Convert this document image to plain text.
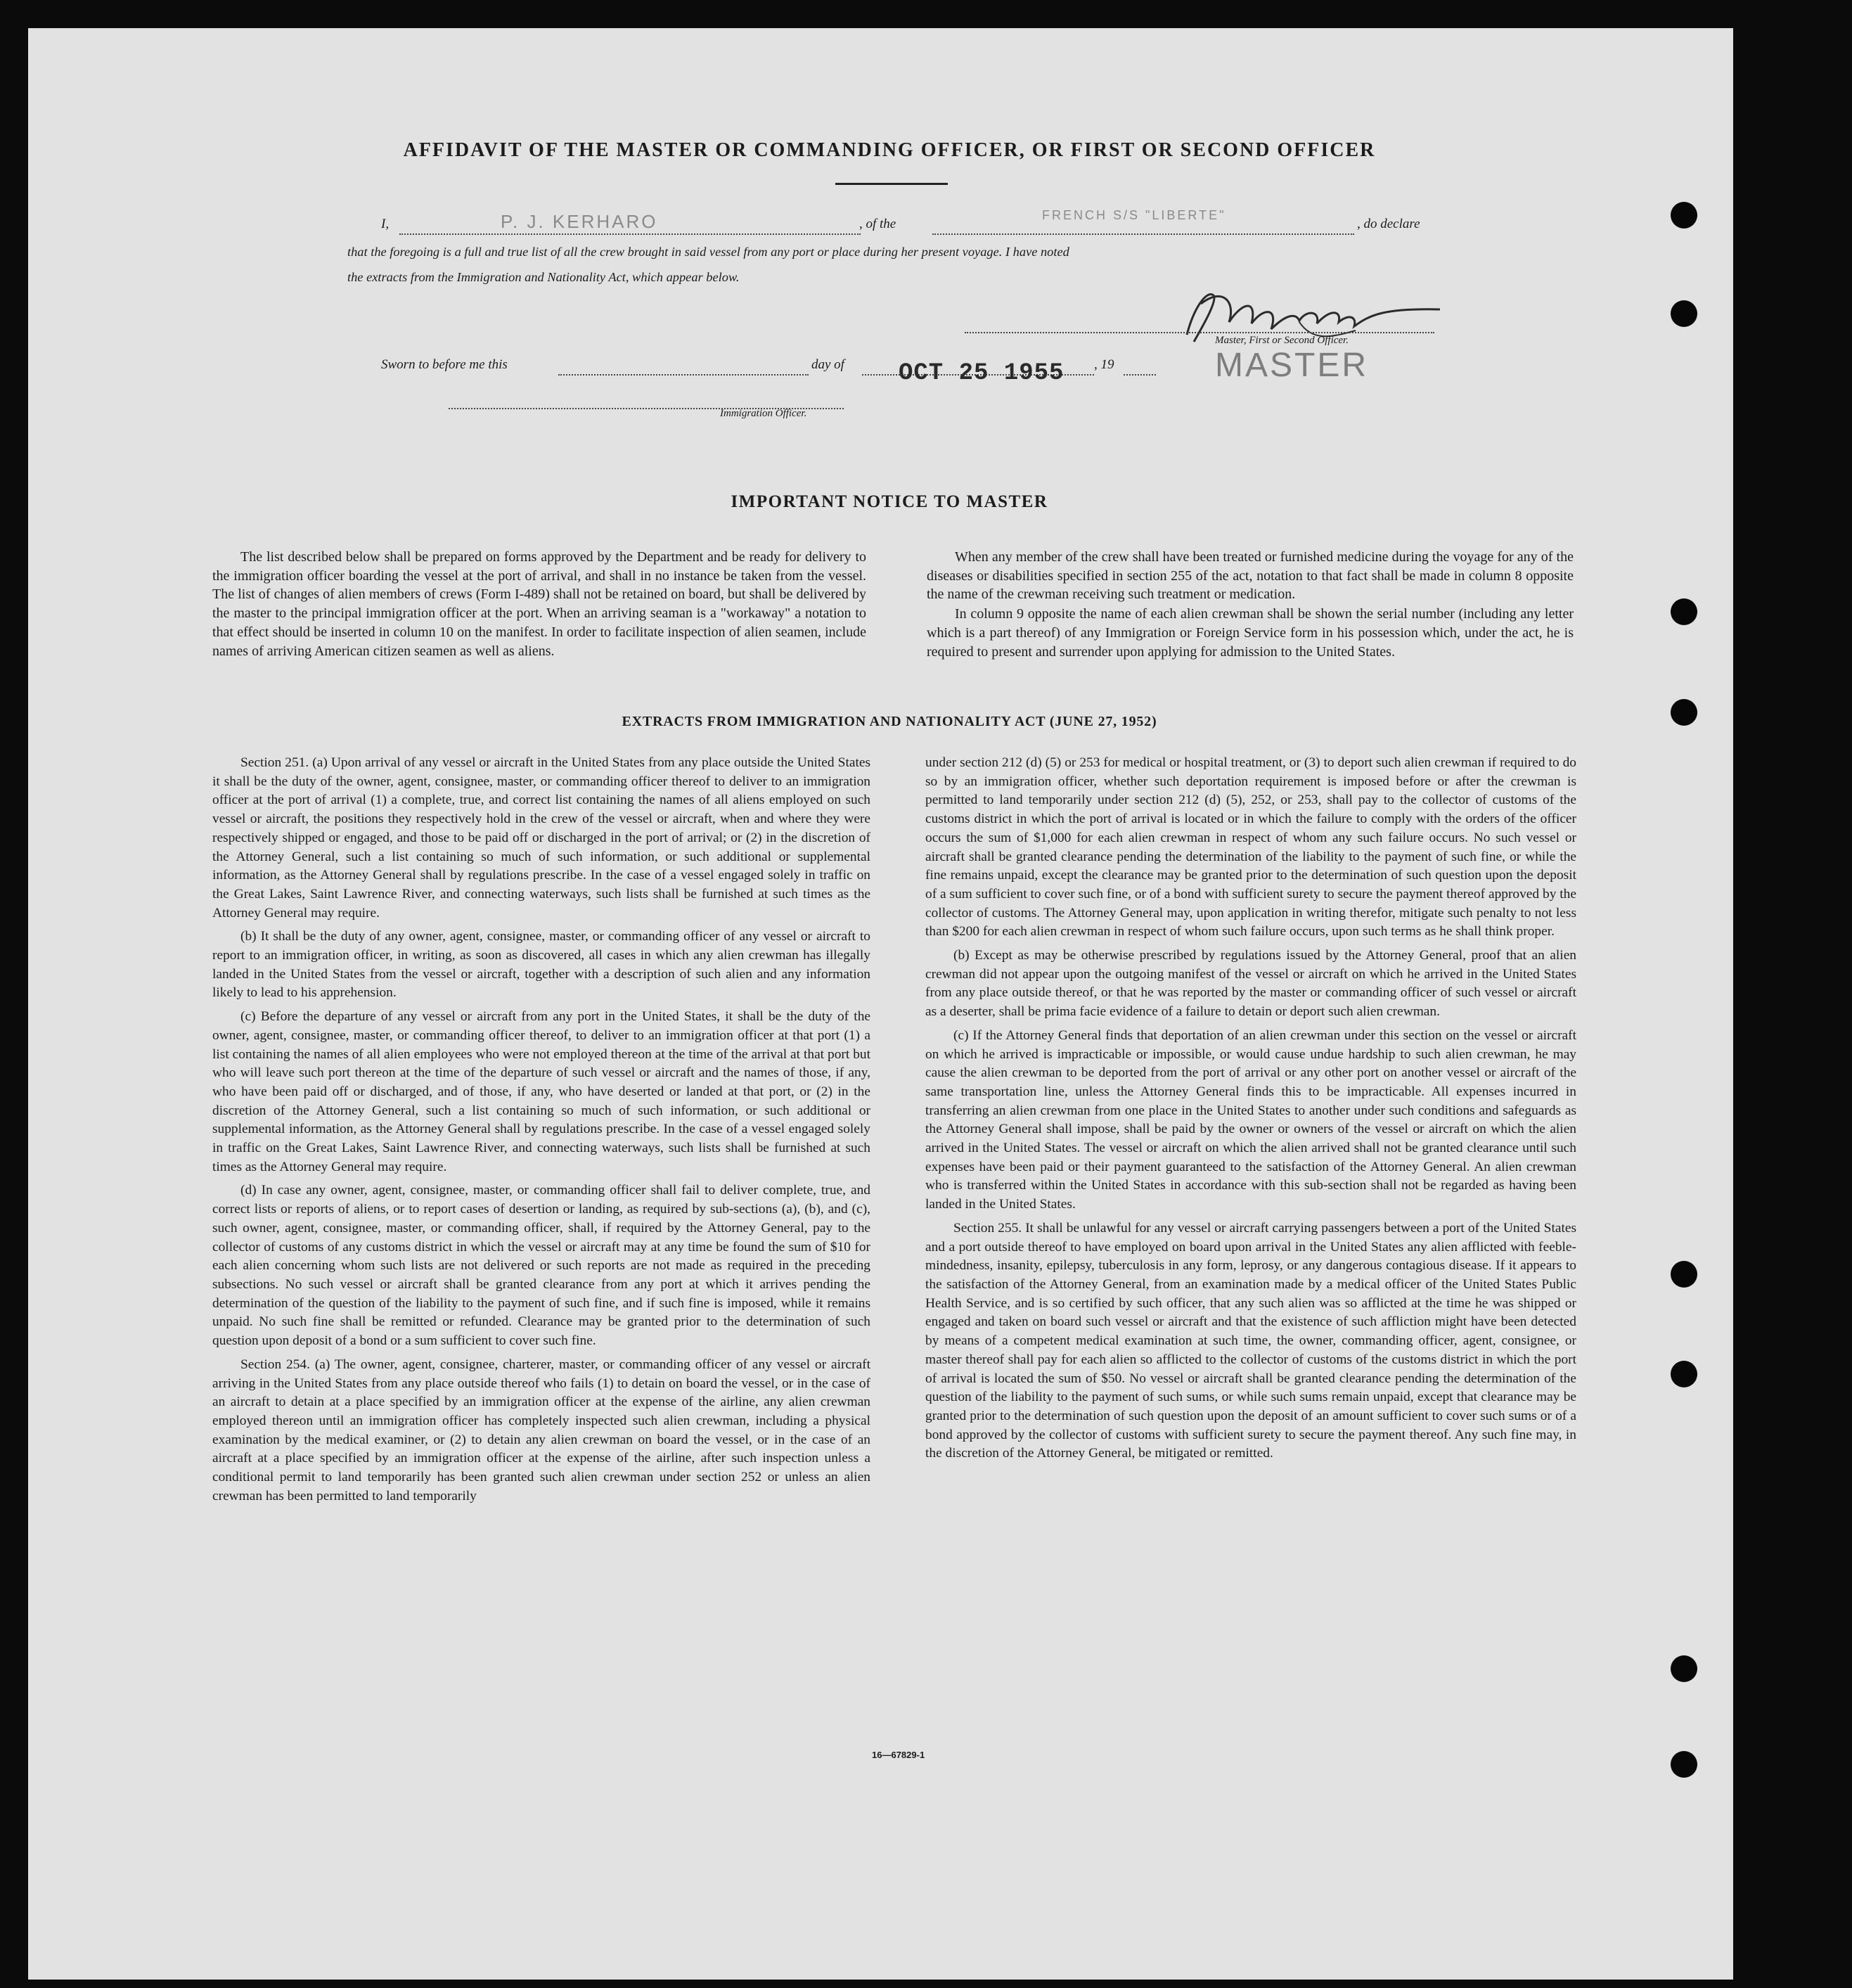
AFFIDAVIT OF THE MASTER OR COMMANDING OFFICER, OR FIRST OR SECOND OFFICER
I,	P. J. KERHARO	, of the
FRENCH S/S "LIBERTE"
, do declare
that the foregoing is a full and true list of all the crew brought in said vessel from any port or place during her present voyage. I have noted
the extracts from the Immigration and Nationality Act, which appear below.
Master, First or Second Officer.
MASTER
Sworn to before me this	day of OCT 25 1955 , 19
Immigration Officer.
IMPORTANT NOTICE TO MASTER

The list described below shall be prepared on forms approved by the Department and be ready for delivery to the immigration officer boarding the vessel at the port of arrival, and shall in no instance be taken from the vessel. The list of changes of alien members of crews (Form I-489) shall not be retained on board, but shall be delivered by the master to the principal immigration officer at the port. When an arriving seaman is a "workaway" a notation to that effect should be inserted in column 10 on the manifest. In order to facilitate inspection of alien seamen, include names of arriving American citizen seamen as well as aliens.

When any member of the crew shall have been treated or furnished medicine during the voyage for any of the diseases or disabilities specified in section 255 of the act, notation to that fact shall be made in column 8 opposite the name of the crewman receiving such treatment or medication.

In column 9 opposite the name of each alien crewman shall be shown the serial number (including any letter which is a part thereof) of any Immigration or Foreign Service form in his possession which, under the act, he is required to present and surrender upon applying for admission to the United States.

EXTRACTS FROM IMMIGRATION AND NATIONALITY ACT (JUNE 27, 1952)

Section 251. (a) Upon arrival of any vessel or aircraft in the United States from any place outside the United States it shall be the duty of the owner, agent, consignee, master, or commanding officer thereof to deliver to an immigration officer at the port of arrival (1) a complete, true, and correct list containing the names of all aliens employed on such vessel or aircraft, the positions they respectively hold in the crew of the vessel or aircraft, when and where they were respectively shipped or engaged, and those to be paid off or discharged in the port of arrival; or (2) in the discretion of the Attorney General, such a list containing so much of such information, or such additional or supplemental information, as the Attorney General shall by regulations prescribe. In the case of a vessel engaged solely in traffic on the Great Lakes, Saint Lawrence River, and connecting waterways, such lists shall be furnished at such times as the Attorney General may require.

(b) It shall be the duty of any owner, agent, consignee, master, or commanding officer of any vessel or aircraft to report to an immigration officer, in writing, as soon as discovered, all cases in which any alien crewman has illegally landed in the United States from the vessel or aircraft, together with a description of such alien and any information likely to lead to his apprehension.

(c) Before the departure of any vessel or aircraft from any port in the United States, it shall be the duty of the owner, agent, consignee, master, or commanding officer thereof, to deliver to an immigration officer at that port (1) a list containing the names of all alien employees who were not employed thereon at the time of the arrival at that port but who will leave such port thereon at the time of the departure of such vessel or aircraft and the names of those, if any, who have been paid off or discharged, and of those, if any, who have deserted or landed at that port, or (2) in the discretion of the Attorney General, such a list containing so much of such information, or such additional or supplemental information, as the Attorney General shall by regulations prescribe. In the case of a vessel engaged solely in traffic on the Great Lakes, Saint Lawrence River, and connecting waterways, such lists shall be furnished at such times as the Attorney General may require.

(d) In case any owner, agent, consignee, master, or commanding officer shall fail to deliver complete, true, and correct lists or reports of aliens, or to report cases of desertion or landing, as required by sub-sections (a), (b), and (c), such owner, agent, consignee, master, or commanding officer, shall, if required by the Attorney General, pay to the collector of customs of any customs district in which the vessel or aircraft may at any time be found the sum of $10 for each alien concerning whom such lists are not delivered or such reports are not made as required in the preceding subsections. No such vessel or aircraft shall be granted clearance from any port at which it arrives pending the determination of the question of the liability to the payment of such fine, and if such fine is imposed, while it remains unpaid. No such fine shall be remitted or refunded. Clearance may be granted prior to the determination of such question upon deposit of a bond or a sum sufficient to cover such fine.

Section 254. (a) The owner, agent, consignee, charterer, master, or commanding officer of any vessel or aircraft arriving in the United States from any place outside thereof who fails (1) to detain on board the vessel, or in the case of an aircraft to detain at a place specified by an immigration officer at the expense of the airline, any alien crewman employed thereon until an immigration officer has completely inspected such alien crewman, including a physical examination by the medical examiner, or (2) to detain any alien crewman on board the vessel, or in the case of an aircraft at a place specified by an immigration officer at the expense of the airline, after such inspection unless a conditional permit to land temporarily has been granted such alien crewman under section 252 or unless an alien crewman has been permitted to land temporarily

under section 212 (d) (5) or 253 for medical or hospital treatment, or (3) to deport such alien crewman if required to do so by an immigration officer, whether such deportation requirement is imposed before or after the crewman is permitted to land temporarily under section 212 (d) (5), 252, or 253, shall pay to the collector of customs of the customs district in which the port of arrival is located or in which the failure to comply with the orders of the officer occurs the sum of $1,000 for each alien crewman in respect of whom any such failure occurs. No such vessel or aircraft shall be granted clearance pending the determination of the liability to the payment of such fine, or while the fine remains unpaid, except the clearance may be granted prior to the determination of such question upon the deposit of a sum sufficient to cover such fine, or of a bond with sufficient surety to secure the payment thereof approved by the collector of customs. The Attorney General may, upon application in writing therefor, mitigate such penalty to not less than $200 for each alien crewman in respect of whom such failure occurs, upon such terms as he shall think proper.

(b) Except as may be otherwise prescribed by regulations issued by the Attorney General, proof that an alien crewman did not appear upon the outgoing manifest of the vessel or aircraft on which he arrived in the United States from any place outside thereof, or that he was reported by the master or commanding officer of such vessel or aircraft as a deserter, shall be prima facie evidence of a failure to detain or deport such alien crewman.

(c) If the Attorney General finds that deportation of an alien crewman under this section on the vessel or aircraft on which he arrived is impracticable or impossible, or would cause undue hardship to such alien crewman, he may cause the alien crewman to be deported from the port of arrival or any other port on another vessel or aircraft of the same transportation line, unless the Attorney General finds this to be impracticable. All expenses incurred in transferring an alien crewman from one place in the United States to another under such conditions and safeguards as the Attorney General shall impose, shall be paid by the owner or owners of the vessel or aircraft on which the alien arrived in the United States. The vessel or aircraft on which the alien arrived shall not be granted clearance until such expenses have been paid or their payment guaranteed to the satisfaction of the Attorney General. An alien crewman who is transferred within the United States in accordance with this sub-section shall not be regarded as having been landed in the United States.

Section 255. It shall be unlawful for any vessel or aircraft carrying passengers between a port of the United States and a port outside thereof to have employed on board upon arrival in the United States any alien afflicted with feeble-mindedness, insanity, epilepsy, tuberculosis in any form, leprosy, or any dangerous contagious disease. If it appears to the satisfaction of the Attorney General, from an examination made by a medical officer of the United States Public Health Service, and is so certified by such officer, that any such alien was so afflicted at the time he was shipped or engaged and taken on board such vessel or aircraft and that the existence of such affliction might have been detected by means of a competent medical examination at such time, the owner, commanding officer, agent, consignee, or master thereof shall pay for each alien so afflicted to the collector of customs of the customs district in which the port of arrival is located the sum of $50. No vessel or aircraft shall be granted clearance pending the determination of the question of the liability to the payment of such sums, or while such sums remain unpaid, except that clearance may be granted prior to the determination of such question upon the deposit of an amount sufficient to cover such sums or of a bond approved by the collector of customs with sufficient surety to secure the payment thereof. Any such fine may, in the discretion of the Attorney General, be mitigated or remitted.

16—67829-1
